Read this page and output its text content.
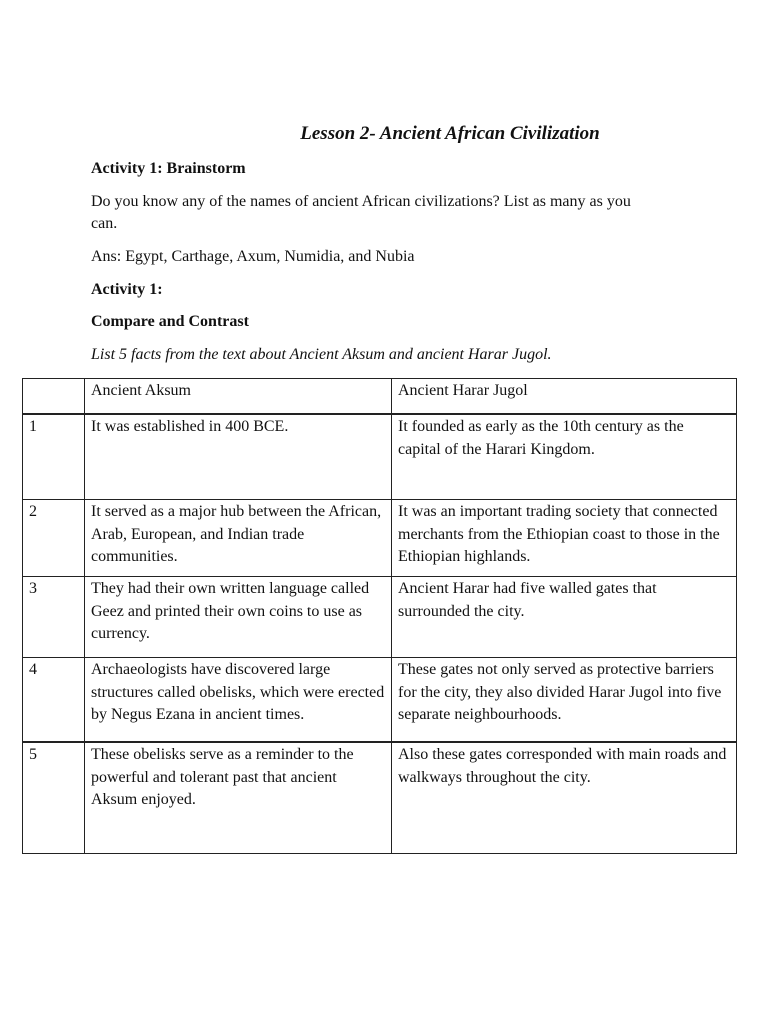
Lesson 2- Ancient African Civilization

Activity 1: Brainstorm

Do you know any of the names of ancient African civilizations? List as many as you can.

Ans: Egypt, Carthage, Axum, Numidia, and Nubia

Activity 1:

Compare and Contrast

List 5 facts from the text about Ancient Aksum and ancient Harar Jugol.

	Ancient Aksum	Ancient Harar Jugol
1	It was established in 400 BCE.	It founded as early as the 10th century as the capital of the Harari Kingdom.
2	It served as a major hub between the African, Arab, European, and Indian trade communities.	It was an important trading society that connected merchants from the Ethiopian coast to those in the Ethiopian highlands.
3	They had their own written language called Geez and printed their own coins to use as currency.	Ancient Harar had five walled gates that surrounded the city.
4	Archaeologists have discovered large structures called obelisks, which were erected by Negus Ezana in ancient times.	These gates not only served as protective barriers for the city, they also divided Harar Jugol into five separate neighbourhoods.
5	These obelisks serve as a reminder to the powerful and tolerant past that ancient Aksum enjoyed.	Also these gates corresponded with main roads and walkways throughout the city.
